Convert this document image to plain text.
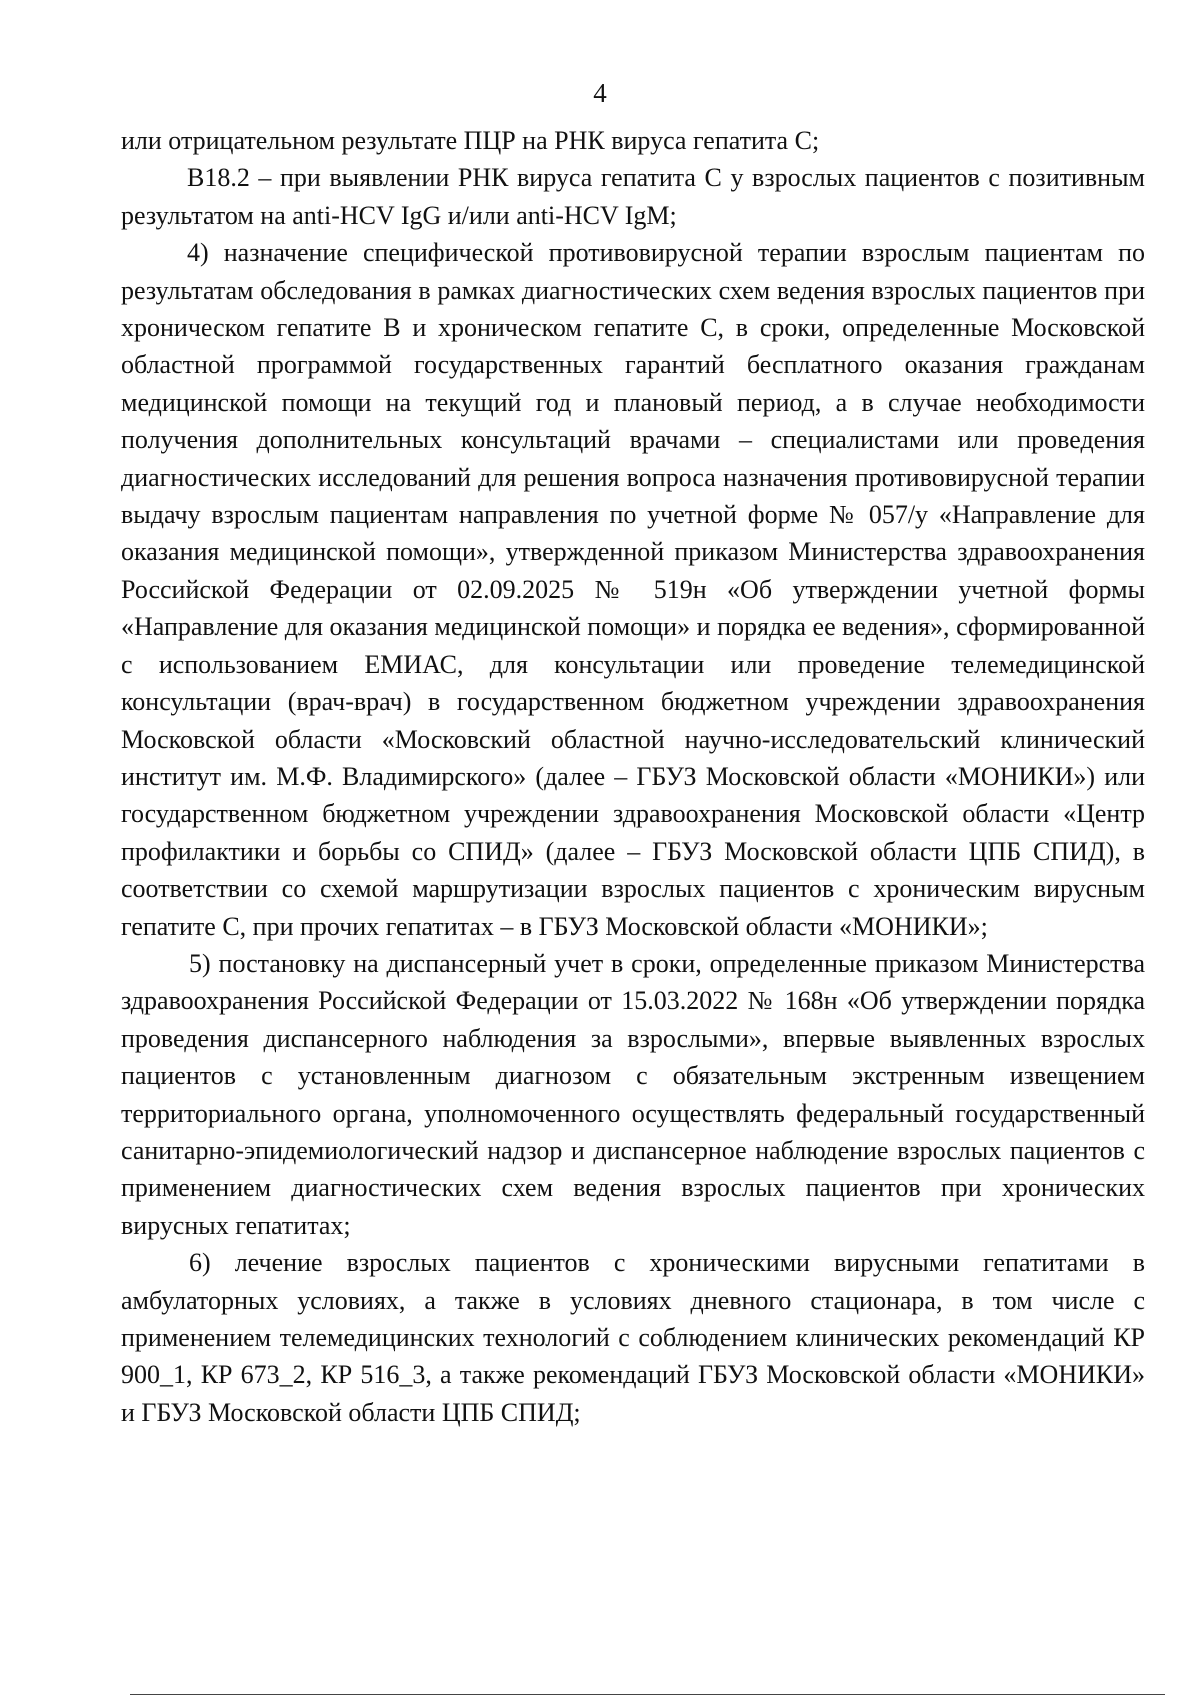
4

или отрицательном результате ПЦР на РНК вируса гепатита С;

В18.2 – при выявлении РНК вируса гепатита С у взрослых пациентов с позитивным результатом на anti-HCV IgG и/или anti-HCV IgM;

4) назначение специфической противовирусной терапии взрослым пациентам по результатам обследования в рамках диагностических схем ведения взрослых пациентов при хроническом гепатите В и хроническом гепатите С, в сроки, определенные Московской областной программой государственных гарантий бесплатного оказания гражданам медицинской помощи на текущий год и плановый период, а в случае необходимости получения дополнительных консультаций врачами – специалистами или проведения диагностических исследований для решения вопроса назначения противовирусной терапии выдачу взрослым пациентам направления по учетной форме № 057/у «Направление для оказания медицинской помощи», утвержденной приказом Министерства здравоохранения Российской Федерации от 02.09.2025 № 519н «Об утверждении учетной формы «Направление для оказания медицинской помощи» и порядка ее ведения», сформированной с использованием ЕМИАС, для консультации или проведение телемедицинской консультации (врач-врач) в государственном бюджетном учреждении здравоохранения Московской области «Московский областной научно-исследовательский клинический институт им. М.Ф. Владимирского» (далее – ГБУЗ Московской области «МОНИКИ») или государственном бюджетном учреждении здравоохранения Московской области «Центр профилактики и борьбы со СПИД» (далее – ГБУЗ Московской области ЦПБ СПИД), в соответствии со схемой маршрутизации взрослых пациентов с хроническим вирусным гепатите С, при прочих гепатитах – в ГБУЗ Московской области «МОНИКИ»;

5) постановку на диспансерный учет в сроки, определенные приказом Министерства здравоохранения Российской Федерации от 15.03.2022 № 168н «Об утверждении порядка проведения диспансерного наблюдения за взрослыми», впервые выявленных взрослых пациентов с установленным диагнозом с обязательным экстренным извещением территориального органа, уполномоченного осуществлять федеральный государственный санитарно-эпидемиологический надзор и диспансерное наблюдение взрослых пациентов с применением диагностических схем ведения взрослых пациентов при хронических вирусных гепатитах;

6) лечение взрослых пациентов с хроническими вирусными гепатитами в амбулаторных условиях, а также в условиях дневного стационара, в том числе с применением телемедицинских технологий с соблюдением клинических рекомендаций КР 900_1, КР 673_2, КР 516_3, а также рекомендаций ГБУЗ Московской области «МОНИКИ» и ГБУЗ Московской области ЦПБ СПИД;
